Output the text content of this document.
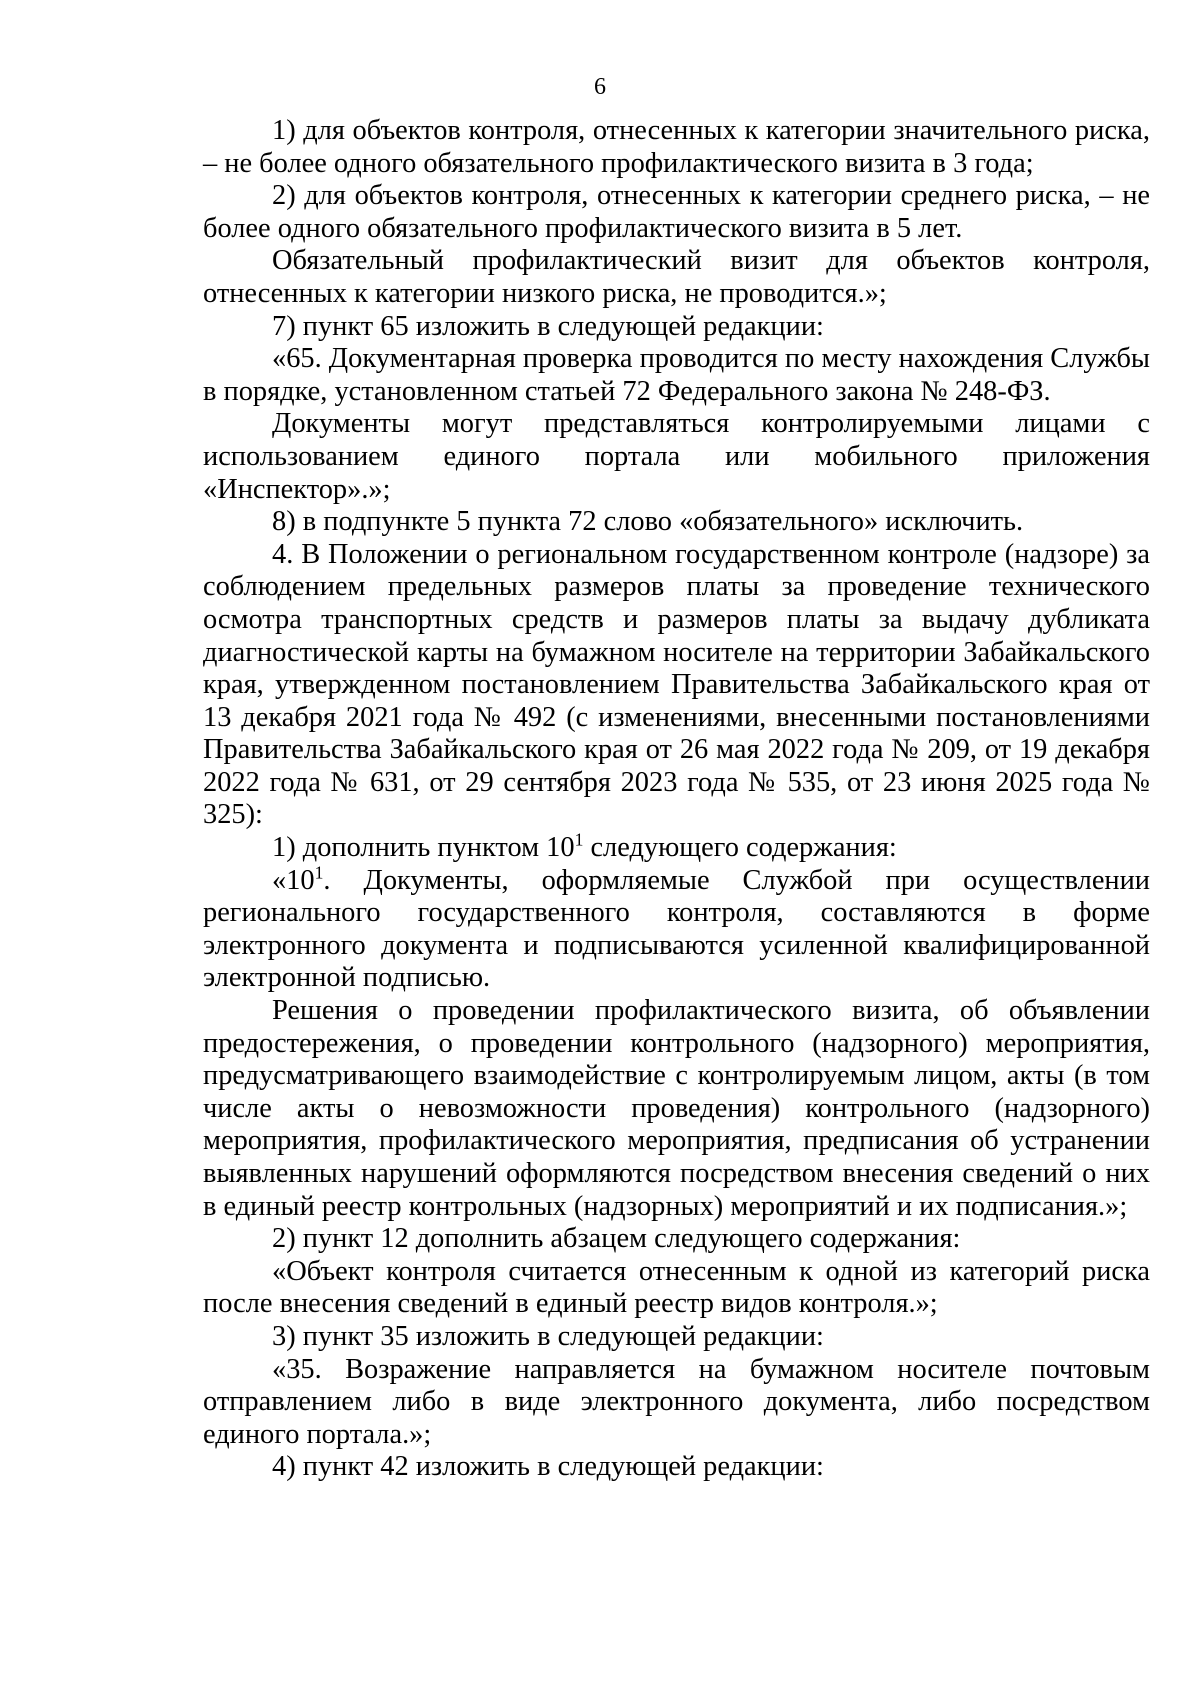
6

1) для объектов контроля, отнесенных к категории значительного риска, – не более одного обязательного профилактического визита в 3 года;

2) для объектов контроля, отнесенных к категории среднего риска, – не более одного обязательного профилактического визита в 5 лет.

Обязательный профилактический визит для объектов контроля, отнесенных к категории низкого риска, не проводится.»;

7) пункт 65 изложить в следующей редакции:

«65. Документарная проверка проводится по месту нахождения Службы в порядке, установленном статьей 72 Федерального закона № 248-ФЗ.

Документы могут представляться контролируемыми лицами с использованием единого портала или мобильного приложения «Инспектор».»;

8) в подпункте 5 пункта 72 слово «обязательного» исключить.

4. В Положении о региональном государственном контроле (надзоре) за соблюдением предельных размеров платы за проведение технического осмотра транспортных средств и размеров платы за выдачу дубликата диагностической карты на бумажном носителе на территории Забайкальского края, утвержденном постановлением Правительства Забайкальского края от 13 декабря 2021 года № 492 (с изменениями, внесенными постановлениями Правительства Забайкальского края от 26 мая 2022 года № 209, от 19 декабря 2022 года № 631, от 29 сентября 2023 года № 535, от 23 июня 2025 года № 325):

1) дополнить пунктом $10^1$ следующего содержания:

«$10^1$. Документы, оформляемые Службой при осуществлении регионального государственного контроля, составляются в форме электронного документа и подписываются усиленной квалифицированной электронной подписью.

Решения о проведении профилактического визита, об объявлении предостережения, о проведении контрольного (надзорного) мероприятия, предусматривающего взаимодействие с контролируемым лицом, акты (в том числе акты о невозможности проведения) контрольного (надзорного) мероприятия, профилактического мероприятия, предписания об устранении выявленных нарушений оформляются посредством внесения сведений о них в единый реестр контрольных (надзорных) мероприятий и их подписания.»;

2) пункт 12 дополнить абзацем следующего содержания:

«Объект контроля считается отнесенным к одной из категорий риска после внесения сведений в единый реестр видов контроля.»;

3) пункт 35 изложить в следующей редакции:

«35. Возражение направляется на бумажном носителе почтовым отправлением либо в виде электронного документа, либо посредством единого портала.»;

4) пункт 42 изложить в следующей редакции:
